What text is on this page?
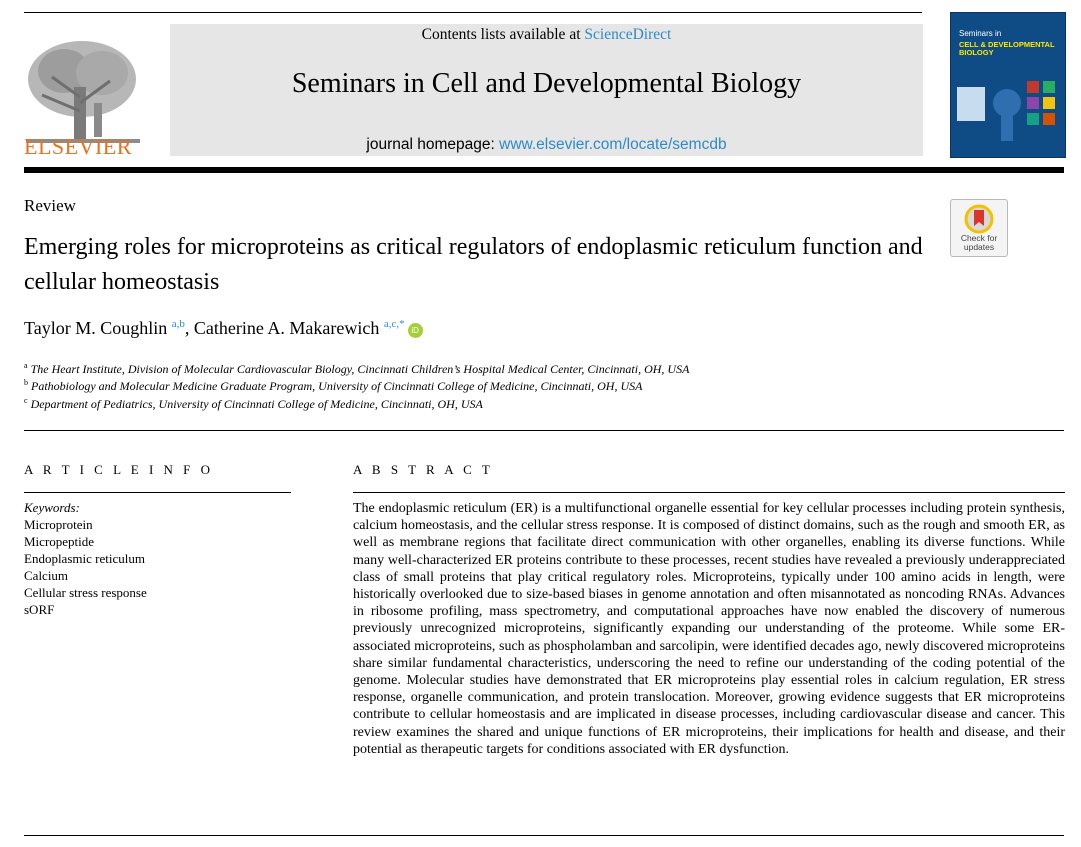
ELSEVIER
Contents lists available at ScienceDirect
Seminars in Cell and Developmental Biology
journal homepage: www.elsevier.com/locate/semcdb
Seminars in
CELL & DEVELOPMENTAL BIOLOGY
Review
Check for updates
Emerging roles for microproteins as critical regulators of endoplasmic reticulum function and cellular homeostasis
Taylor M. Coughlin $^{a,b}$, Catherine A. Makarewich $^{a,c,*}$iD
$^a$ The Heart Institute, Division of Molecular Cardiovascular Biology, Cincinnati Children’s Hospital Medical Center, Cincinnati, OH, USA
$^b$ Pathobiology and Molecular Medicine Graduate Program, University of Cincinnati College of Medicine, Cincinnati, OH, USA
$^c$ Department of Pediatrics, University of Cincinnati College of Medicine, Cincinnati, OH, USA
A R T I C L E I N F O
Keywords:
Microprotein
Micropeptide
Endoplasmic reticulum
Calcium
Cellular stress response
sORF
A B S T R A C T
The endoplasmic reticulum (ER) is a multifunctional organelle essential for key cellular processes including protein synthesis, calcium homeostasis, and the cellular stress response. It is composed of distinct domains, such as the rough and smooth ER, as well as membrane regions that facilitate direct communication with other organelles, enabling its diverse functions. While many well-characterized ER proteins contribute to these processes, recent studies have revealed a previously underappreciated class of small proteins that play critical regulatory roles. Microproteins, typically under 100 amino acids in length, were historically overlooked due to size-based biases in genome annotation and often misannotated as noncoding RNAs. Advances in ribosome profiling, mass spectrometry, and computational approaches have now enabled the discovery of numerous previously unrecognized microproteins, significantly expanding our understanding of the proteome. While some ER-associated microproteins, such as phospholamban and sarcolipin, were identified decades ago, newly discovered microproteins share similar fundamental characteristics, underscoring the need to refine our understanding of the coding potential of the genome. Molecular studies have demonstrated that ER microproteins play essential roles in calcium regulation, ER stress response, organelle communication, and protein translocation. Moreover, growing evidence suggests that ER microproteins contribute to cellular homeostasis and are implicated in disease processes, including cardiovascular disease and cancer. This review examines the shared and unique functions of ER microproteins, their implications for health and disease, and their potential as therapeutic targets for conditions associated with ER dysfunction.
